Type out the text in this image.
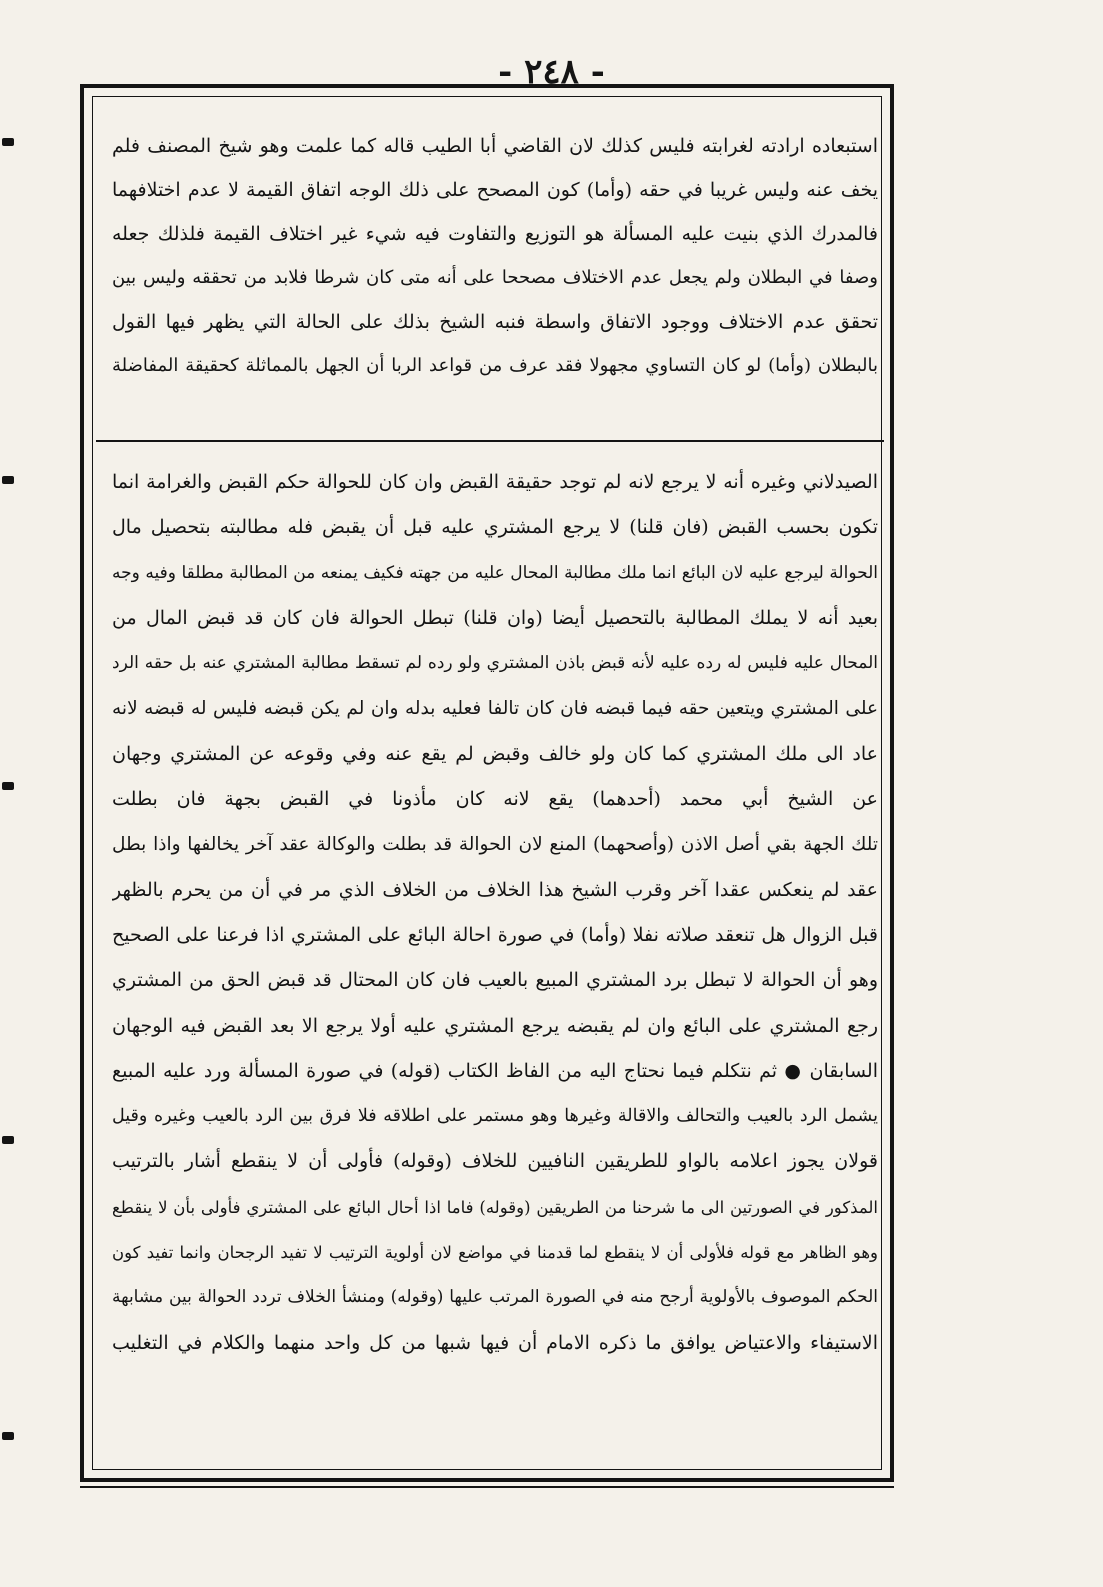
- ٢٤٨ -
استبعاده ارادته لغرابته فليس كذلك لان القاضي أبا الطيب قاله كما علمت وهو شيخ المصنف فلم
يخف عنه وليس غريبا في حقه (وأما) كون المصحح على ذلك الوجه اتفاق القيمة لا عدم اختلافهما
فالمدرك الذي بنيت عليه المسألة هو التوزيع والتفاوت فيه شيء غير اختلاف القيمة فلذلك جعله
وصفا في البطلان ولم يجعل عدم الاختلاف مصححا على أنه متى كان شرطا فلابد من تحققه وليس بين
تحقق عدم الاختلاف ووجود الاتفاق واسطة فنبه الشيخ بذلك على الحالة التي يظهر فيها القول
بالبطلان (وأما) لو كان التساوي مجهولا فقد عرف من قواعد الربا أن الجهل بالمماثلة كحقيقة المفاضلة
الصيدلاني وغيره أنه لا يرجع لانه لم توجد حقيقة القبض وان كان للحوالة حكم القبض والغرامة انما
تكون بحسب القبض (فان قلنا) لا يرجع المشتري عليه قبل أن يقبض فله مطالبته بتحصيل مال
الحوالة ليرجع عليه لان البائع انما ملك مطالبة المحال عليه من جهته فكيف يمنعه من المطالبة مطلقا وفيه وجه
بعيد أنه لا يملك المطالبة بالتحصيل أيضا (وان قلنا) تبطل الحوالة فان كان قد قبض المال من
المحال عليه فليس له رده عليه لأنه قبض باذن المشتري ولو رده لم تسقط مطالبة المشتري عنه بل حقه الرد
على المشتري ويتعين حقه فيما قبضه فان كان تالفا فعليه بدله وان لم يكن قبضه فليس له قبضه لانه
عاد الى ملك المشتري كما كان ولو خالف وقبض لم يقع عنه وفي وقوعه عن المشتري وجهان
عن الشيخ أبي محمد (أحدهما) يقع لانه كان مأذونا في القبض بجهة فان بطلت
تلك الجهة بقي أصل الاذن (وأصحهما) المنع لان الحوالة قد بطلت والوكالة عقد آخر يخالفها واذا بطل
عقد لم ينعكس عقدا آخر وقرب الشيخ هذا الخلاف من الخلاف الذي مر في أن من يحرم بالظهر
قبل الزوال هل تنعقد صلاته نفلا (وأما) في صورة احالة البائع على المشتري اذا فرعنا على الصحيح
وهو أن الحوالة لا تبطل برد المشتري المبيع بالعيب فان كان المحتال قد قبض الحق من المشتري
رجع المشتري على البائع وان لم يقبضه يرجع المشتري عليه أولا يرجع الا بعد القبض فيه الوجهان
السابقان ● ثم نتكلم فيما نحتاج اليه من الفاظ الكتاب (قوله) في صورة المسألة ورد عليه المبيع
يشمل الرد بالعيب والتحالف والاقالة وغيرها وهو مستمر على اطلاقه فلا فرق بين الرد بالعيب وغيره وقيل
قولان يجوز اعلامه بالواو للطريقين النافيين للخلاف (وقوله) فأولى أن لا ينقطع أشار بالترتيب
المذكور في الصورتين الى ما شرحنا من الطريقين (وقوله) فاما اذا أحال البائع على المشتري فأولى بأن لا ينقطع
وهو الظاهر مع قوله فلأولى أن لا ينقطع لما قدمنا في مواضع لان أولوية الترتيب لا تفيد الرجحان وانما تفيد كون
الحكم الموصوف بالأولوية أرجح منه في الصورة المرتب عليها (وقوله) ومنشأ الخلاف تردد الحوالة بين مشابهة
الاستيفاء والاعتياض يوافق ما ذكره الامام أن فيها شبها من كل واحد منهما والكلام في التغليب
